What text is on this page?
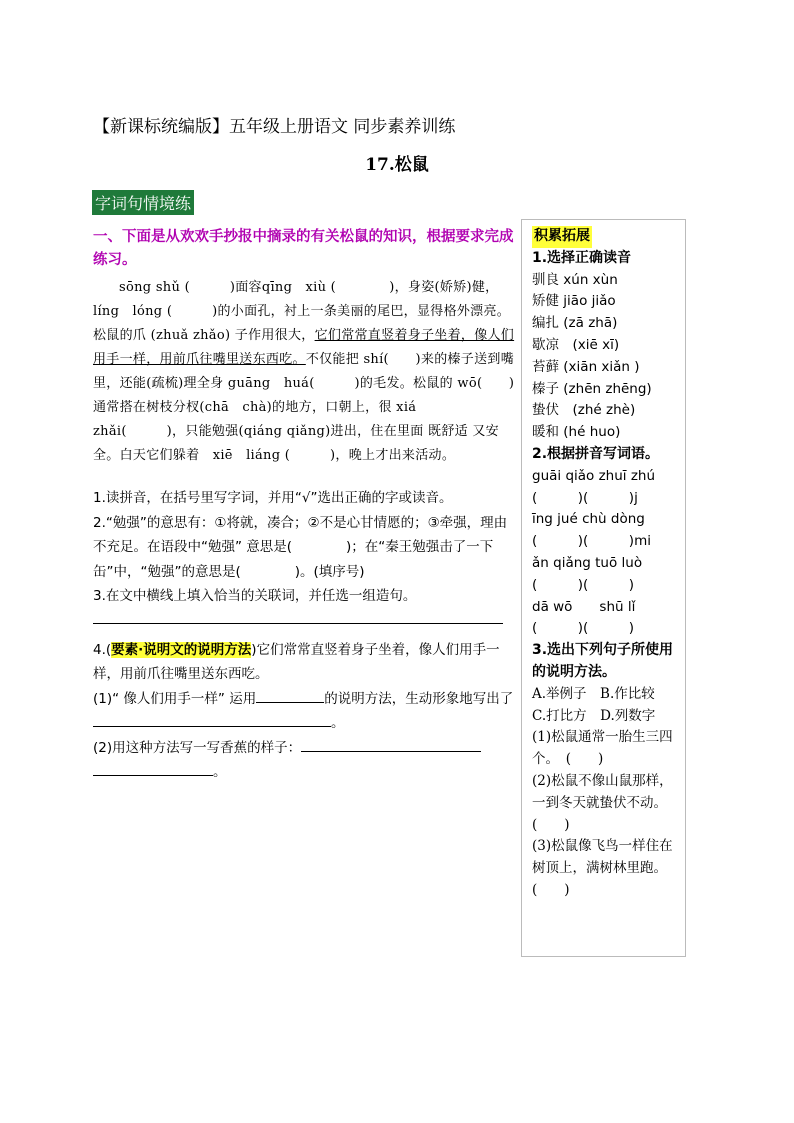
【新课标统编版】五年级上册语文 同步素养训练
17.松鼠
字词句情境练

一、下面是从欢欢手抄报中摘录的有关松鼠的知识，根据要求完成练习。

sōng shǔ (　　　)面容qīng　xiù (　　　　)，身姿(娇矫)健，líng　lóng (　　　)的小面孔，衬上一条美丽的尾巴，显得格外漂亮。松鼠的爪 (zhuǎ zhǎo) 子作用很大，它们常常直竖着身子坐着，像人们用手一样，用前爪往嘴里送东西吃。不仅能把 shí(　　)来的榛子送到嘴里，还能(疏梳)理全身 guāng　huá(　　　)的毛发。松鼠的 wō(　　) 通常搭在树枝分杈(chā　chà)的地方，口朝上，很 xiá　zhǎi(　　　)，只能勉强(qiáng qiǎng)进出，住在里面 既舒适 又安全。白天它们躲着　xiē　liáng (　　　)，晚上才出来活动。

1.读拼音，在括号里写字词，并用“√”选出正确的字或读音。

2.“勉强”的意思有：①将就，凑合；②不是心甘情愿的；③牵强，理由不充足。在语段中“勉强” 意思是(　　　　)；在“秦王勉强击了一下缶”中，“勉强”的意思是(　　　　)。(填序号)

3.在文中横线上填入恰当的关联词，并任选一组造句。

4.(要素·说明文的说明方法)它们常常直竖着身子坐着，像人们用手一样，用前爪往嘴里送东西吃。

(1)“ 像人们用手一样” 运用	的说明方法，生动形象地写出了。

(2)用这种方法写一写香蕉的样子：
。

积累拓展

1.选择正确读音

驯良 xún xùn

矫健 jiāo jiǎo

编扎 (zā zhā)

歇凉　(xiē xī)

苔藓 (xiān xiǎn )

榛子 (zhēn zhēng)

蛰伏　(zhé zhè)

暖和 (hé huo)

2.根据拼音写词语。

guāi qiǎo zhuī zhú

(　　　)(　　　)j

īng jué chù dòng

(　　　)(　　　)mi

ǎn qiǎng tuō luò

(　　　)(　　　)

dā wō　　shū lǐ

(　　　)(　　　)

3.选出下列句子所使用的说明方法。

A.举例子　B.作比较

C.打比方　D.列数字

(1)松鼠通常一胎生三四个。　(　　)

(2)松鼠不像山鼠那样，一到冬天就蛰伏不动。　(　　)

(3)松鼠像飞鸟一样住在树顶上，满树林里跑。　(　　)
